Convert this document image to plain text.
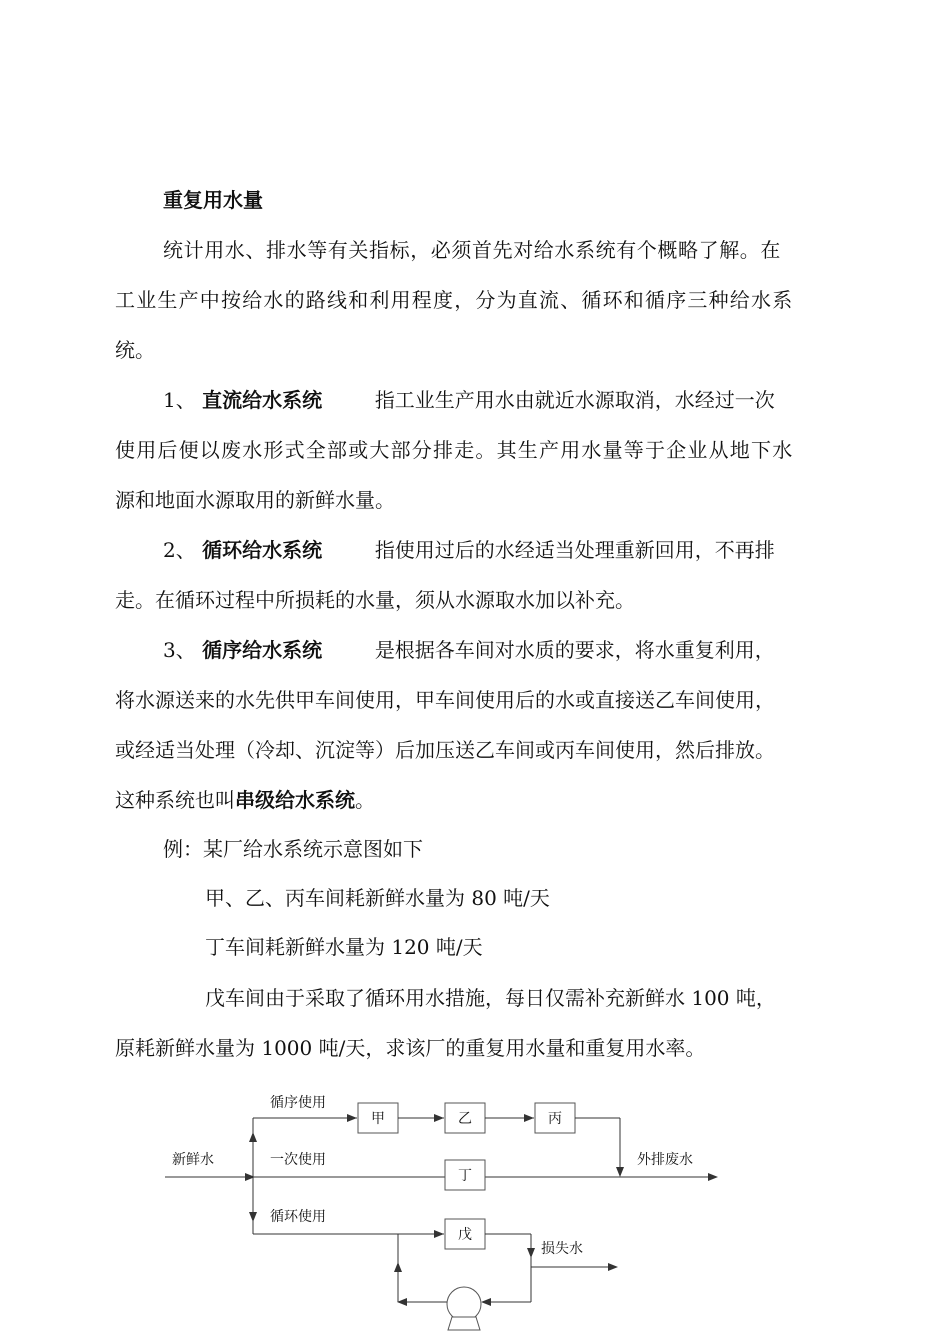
重复用水量
统计用水、排水等有关指标，必须首先对给水系统有个概略了解。在
工业生产中按给水的路线和利用程度，分为直流、循环和循序三种给水系
统。
1、 直流给水系统	指工业生产用水由就近水源取消，水经过一次
使用后便以废水形式全部或大部分排走。其生产用水量等于企业从地下水
源和地面水源取用的新鲜水量。
2、 循环给水系统	指使用过后的水经适当处理重新回用，不再排
走。在循环过程中所损耗的水量，须从水源取水加以补充。
3、 循序给水系统	是根据各车间对水质的要求，将水重复利用，
将水源送来的水先供甲车间使用，甲车间使用后的水或直接送乙车间使用，
或经适当处理（冷却、沉淀等）后加压送乙车间或丙车间使用，然后排放。
这种系统也叫串级给水系统。
例：某厂给水系统示意图如下
甲、乙、丙车间耗新鲜水量为 80 吨/天
丁车间耗新鲜水量为 120 吨/天
戊车间由于采取了循环用水措施，每日仅需补充新鲜水 100 吨，
原耗新鲜水量为 1000 吨/天，求该厂的重复用水量和重复用水率。
新鲜水
循序使用
一次使用
循环使用
外排废水
损失水
甲	乙	丙
丁
戊
